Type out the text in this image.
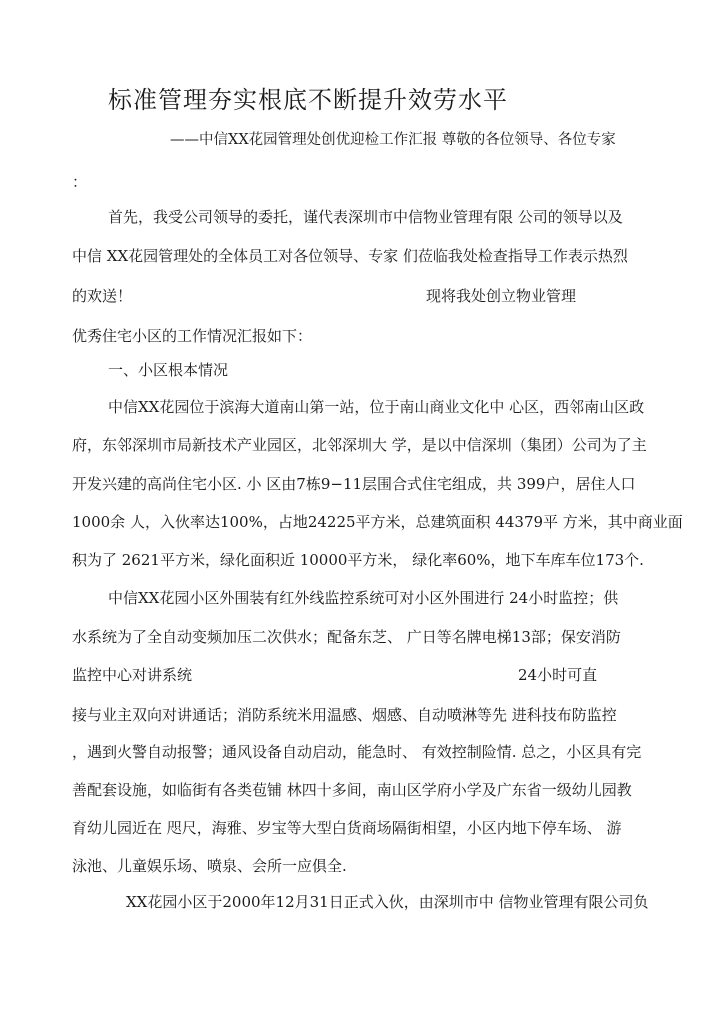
标准管理夯实根底不断提升效劳水平
——中信XX花园管理处创优迎检工作汇报 尊敬的各位领导、各位专家
：
首先，我受公司领导的委托，谨代表深圳市中信物业管理有限 公司的领导以及
中信 XX花园管理处的全体员工对各位领导、专家 们莅临我处检查指导工作表示热烈
的欢送！	现将我处创立物业管理
优秀住宅小区的工作情况汇报如下：
一、小区根本情况
中信XX花园位于滨海大道南山第一站，位于南山商业文化中 心区，西邻南山区政
府，东邻深圳市局新技术产业园区，北邻深圳大 学，是以中信深圳（集团）公司为了主
开发兴建的高尚住宅小区. 小 区由7栋9−11层围合式住宅组成，共 399户，居住人口
1000余 人，入伙率达100%，占地24225平方米，总建筑面积 44379平 方米，其中商业面
积为了 2621平方米，绿化面积近 10000平方米， 绿化率60%，地下车库车位173个.
中信XX花园小区外围装有红外线监控系统可对小区外围进行 24小时监控；供
水系统为了全自动变频加压二次供水；配备东芝、 广日等名牌电梯13部；保安消防
监控中心对讲系统	24小时可直
接与业主双向对讲通话；消防系统米用温感、烟感、自动喷淋等先 进科技布防监控
，遇到火警自动报警；通风设备自动启动，能急时、 有效控制险情. 总之，小区具有完
善配套设施，如临街有各类苞铺 林四十多间，南山区学府小学及广东省一级幼儿园教
育幼儿园近在 咫尺，海雅、岁宝等大型白货商场隔街相望，小区内地下停车场、 游
泳池、儿童娱乐场、喷泉、会所一应俱全.
XX花园小区于2000年12月31日正式入伙，由深圳市中 信物业管理有限公司负
